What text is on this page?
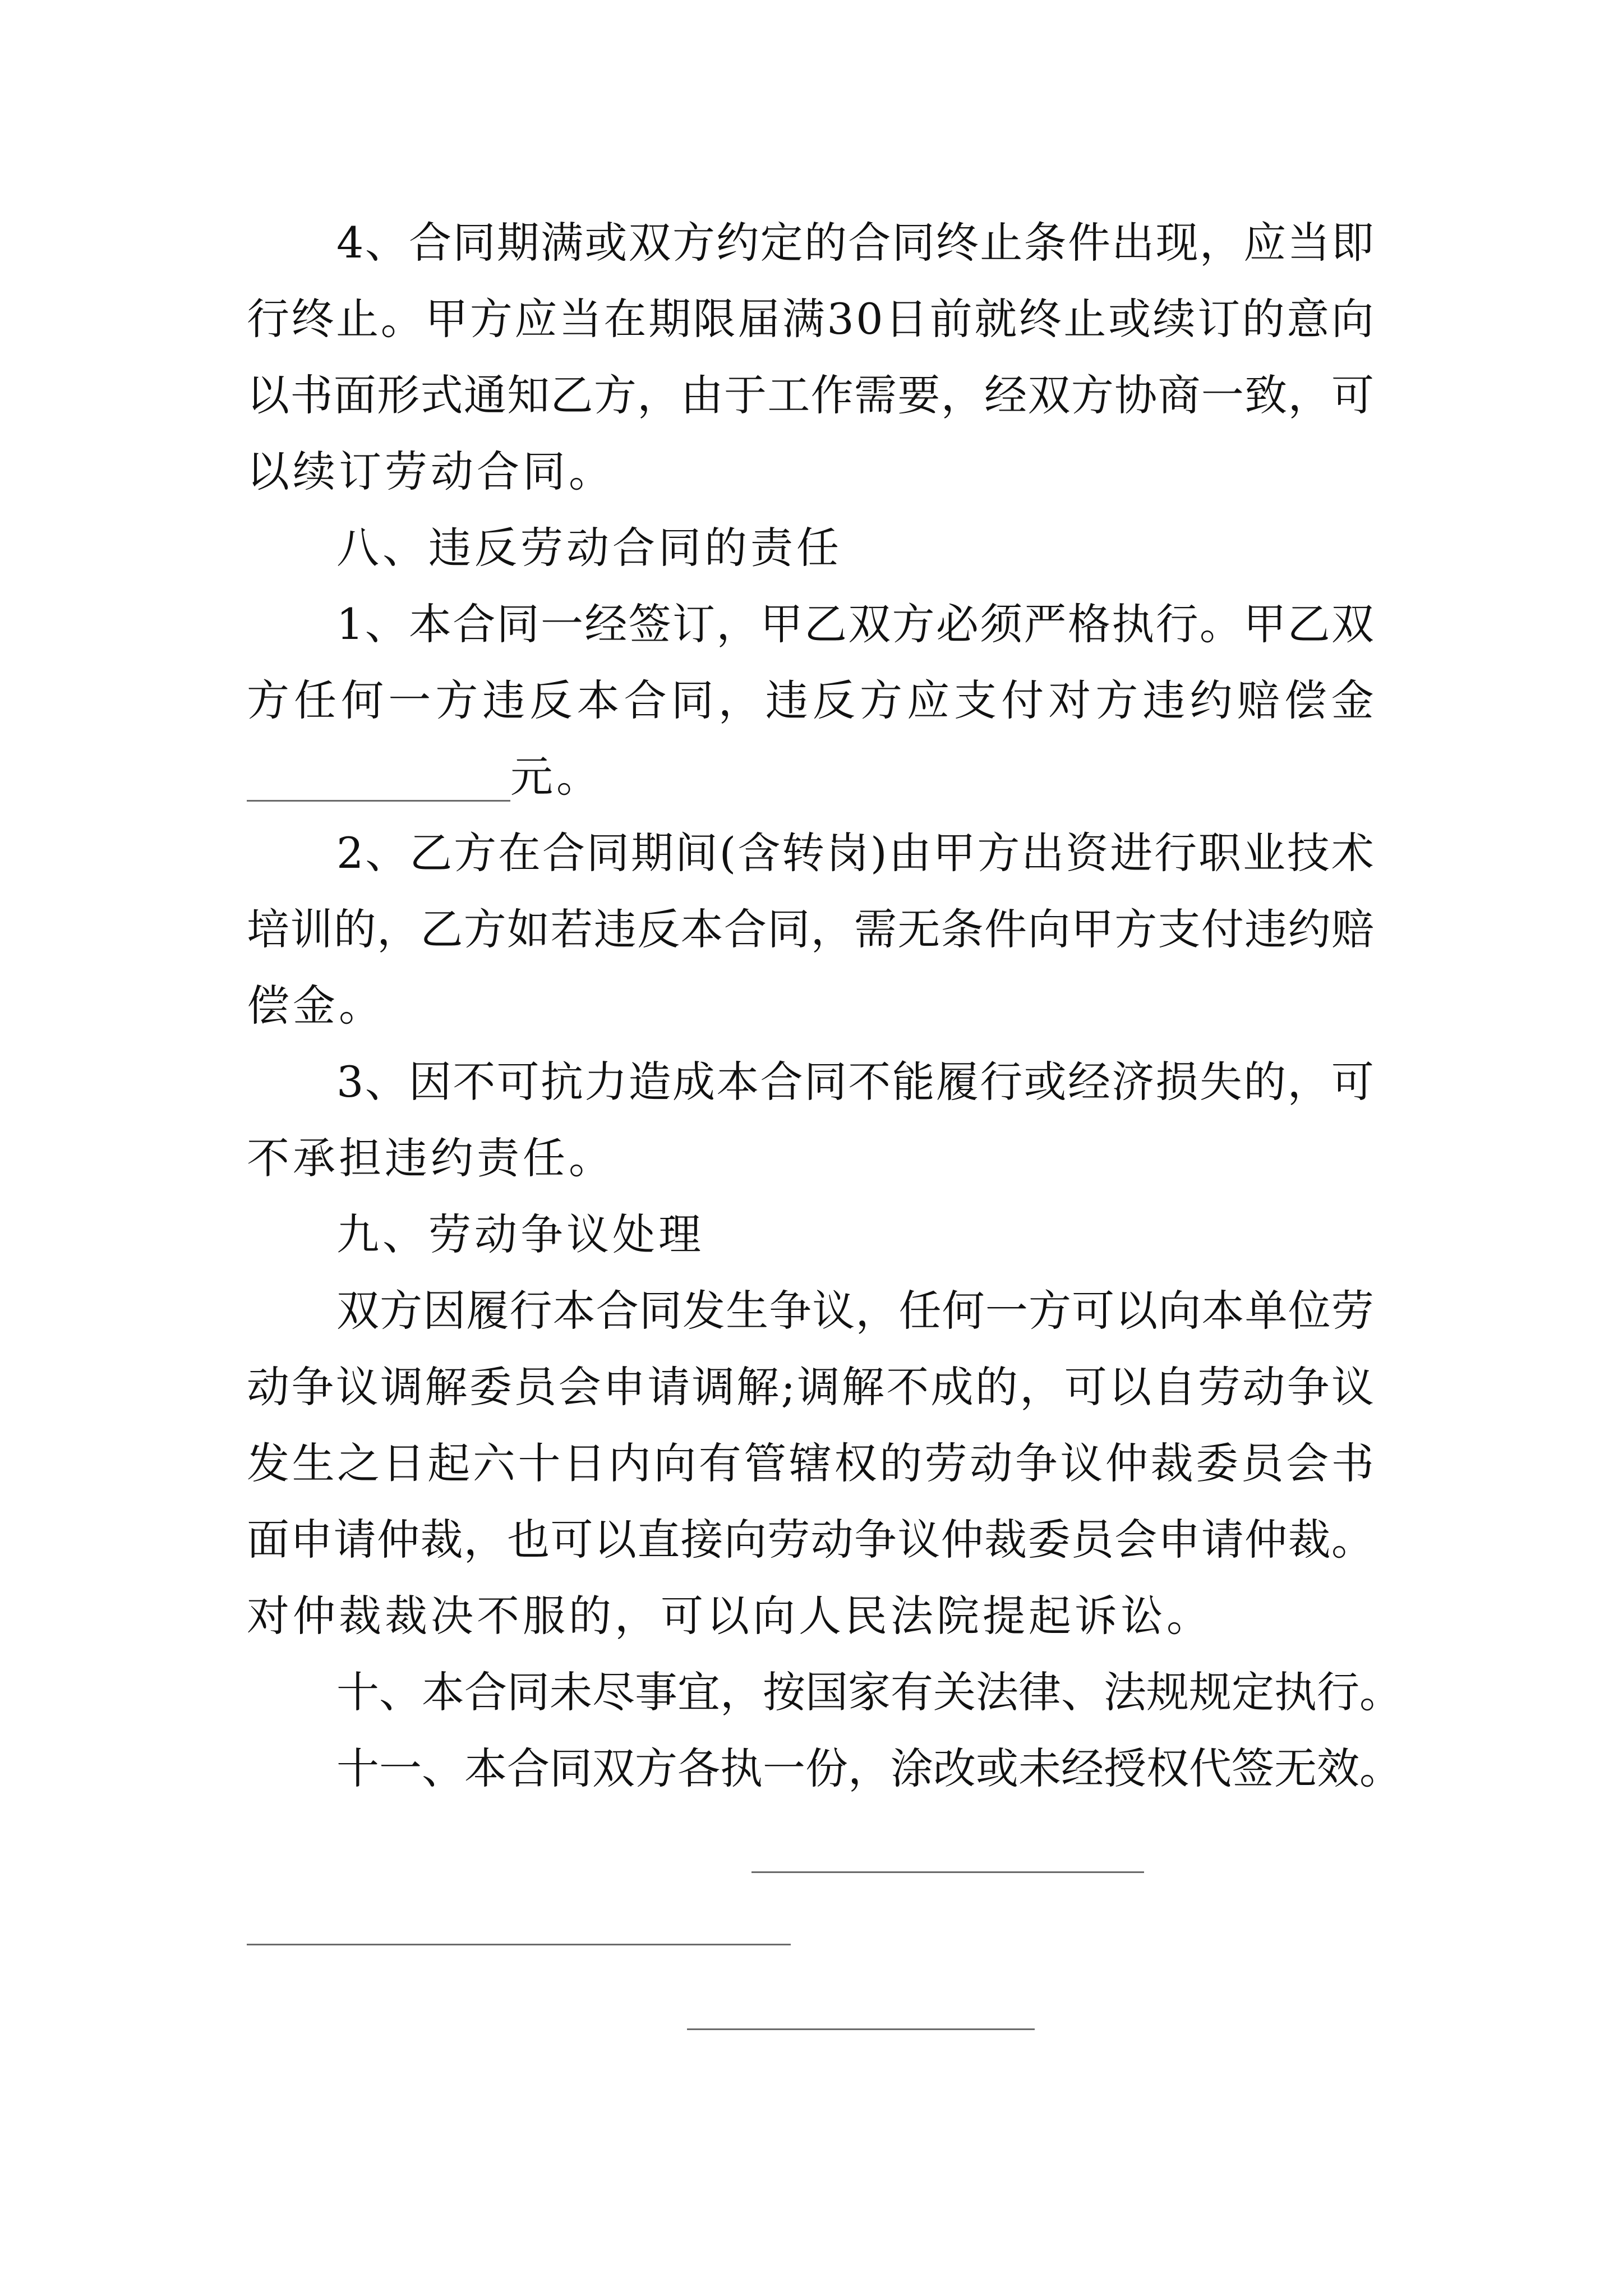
4 、 合 同 期 满 或 双 方 约 定 的 合 同 终 止 条 件 出 现 ， 应 当 即
行 终 止 。 甲 方 应 当 在 期 限 届 满 3 0 日 前 就 终 止 或 续 订 的 意 向
以 书 面 形 式 通 知 乙 方 ， 由 于 工 作 需 要 ， 经 双 方 协 商 一 致 ， 可
以续订劳动合同。
八、违反劳动合同的责任
1 、 本 合 同 一 经 签 订 ， 甲 乙 双 方 必 须 严 格 执 行 。 甲 乙 双
方 任 何 一 方 违 反 本 合 同 ， 违 反 方 应 支 付 对 方 违 约 赔 偿 金
元。
2 、 乙 方 在 合 同 期 间 ( 含 转 岗 ) 由 甲 方 出 资 进 行 职 业 技 术
培 训 的 ， 乙 方 如 若 违 反 本 合 同 ， 需 无 条 件 向 甲 方 支 付 违 约 赔
偿金。
3 、 因 不 可 抗 力 造 成 本 合 同 不 能 履 行 或 经 济 损 失 的 ， 可
不承担违约责任。
九、劳动争议处理
双 方 因 履 行 本 合 同 发 生 争 议 ， 任 何 一 方 可 以 向 本 单 位 劳
动 争 议 调 解 委 员 会 申 请 调 解 ; 调 解 不 成 的 ， 可 以 自 劳 动 争 议
发 生 之 日 起 六 十 日 内 向 有 管 辖 权 的 劳 动 争 议 仲 裁 委 员 会 书
面 申 请 仲 裁 ， 也 可 以 直 接 向 劳 动 争 议 仲 裁 委 员 会 申 请 仲 裁 。
对仲裁裁决不服的，可以向人民法院提起诉讼。
十 、 本 合 同 未 尽 事 宜 ， 按 国 家 有 关 法 律 、 法 规 规 定 执 行 。
十 一 、 本 合 同 双 方 各 执 一 份 ， 涂 改 或 未 经 授 权 代 签 无 效 。
